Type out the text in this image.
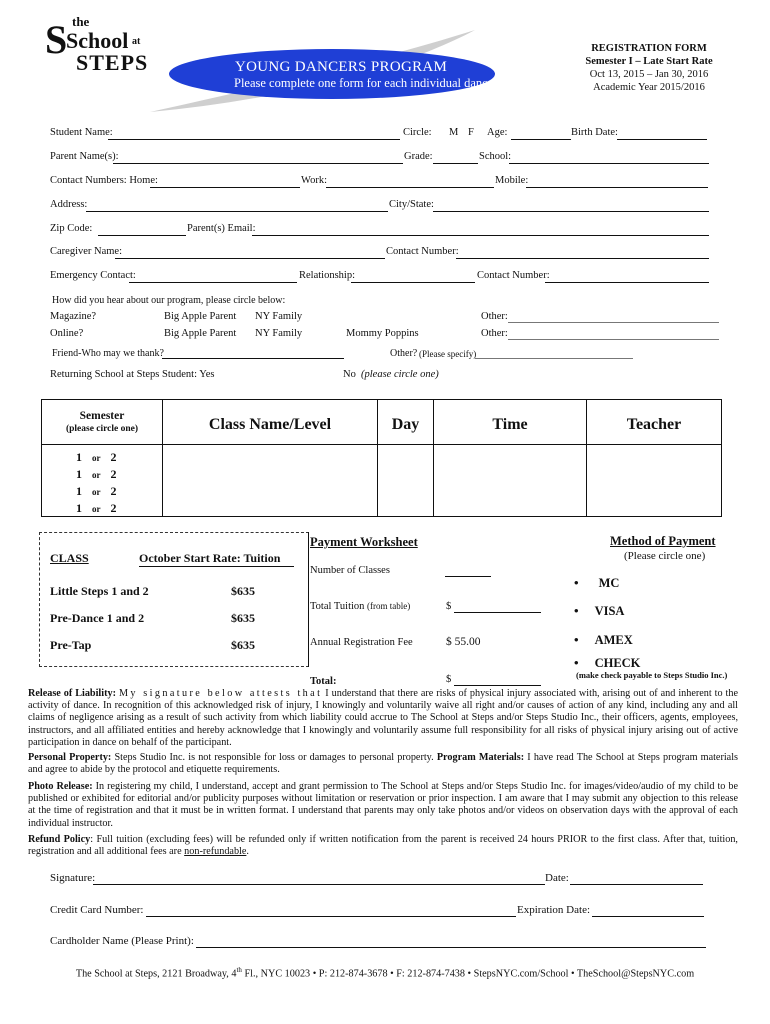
the
S
School at
STEPS	YOUNG DANCERS PROGRAM
Please complete one form for each individual dancer
REGISTRATION FORM
Semester I – Late Start Rate
Oct 13, 2015 – Jan 30, 2016
Academic Year 2015/2016
Student Name:	Circle: M F Age:	Birth Date:
Parent Name(s):	Grade:	School:
Contact Numbers: Home:	Work:	Mobile:
Address:	City/State:
Zip Code:	Parent(s) Email:
Caregiver Name:	Contact Number:
Emergency Contact:	Relationship:	Contact Number:
How did you hear about our program, please circle below:
Magazine?	Big Apple Parent NY Family	Other:
Online?	Big Apple Parent NY Family	Mommy Poppins	Other:
Friend-Who may we thank?	Other? (Please specify)
Returning School at Steps Student: Yes	No (please circle one)
Semester
(please circle one)	Class Name/Level	Day	Time	Teacher

1 or 2
1 or 2
1 or 2
1 or 2				

CLASS	October Start Rate: Tuition
Little Steps 1 and 2	$635
Pre-Dance 1 and 2	$635
Pre-Tap	$635
Payment Worksheet
Number of Classes
Total Tuition (from table)	$
Annual Registration Fee	$ 55.00
Total:	$
Method of Payment
(Please circle one)
• MC
• VISA
• AMEX
• CHECK
(make check payable to Steps Studio Inc.)
Release of Liability: My signature below attests that I understand that there are risks of physical injury associated with, arising out of and inherent to the activity of dance. In recognition of this acknowledged risk of injury, I knowingly and voluntarily waive all right and/or causes of action of any kind, including any and all claims of negligence arising as a result of such activity from which liability could accrue to The School at Steps and/or Steps Studio Inc., their officers, agents, employees, instructors, and all affiliated entities and hereby acknowledge that I knowingly and voluntarily assume full responsibility for all risks of physical injury arising out of active participation in dance on behalf of the participant.
Personal Property: Steps Studio Inc. is not responsible for loss or damages to personal property. Program Materials: I have read The School at Steps program materials and agree to abide by the protocol and etiquette requirements.
Photo Release: In registering my child, I understand, accept and grant permission to The School at Steps and/or Steps Studio Inc. for images/video/audio of my child to be published or exhibited for editorial and/or publicity purposes without limitation or reservation or prior inspection. I am aware that I may submit any objection to this release at the time of registration and that it must be in written format. I understand that parents may only take photos and/or videos on observation days with the approval of each individual instructor.
Refund Policy: Full tuition (excluding fees) will be refunded only if written notification from the parent is received 24 hours PRIOR to the first class. After that, tuition, registration and all additional fees are non-refundable.
Signature:	Date:
Credit Card Number:	Expiration Date:
Cardholder Name (Please Print):
The School at Steps, 2121 Broadway, 4th Fl., NYC 10023 • P: 212-874-3678 • F: 212-874-7438 • StepsNYC.com/School • TheSchool@StepsNYC.com
